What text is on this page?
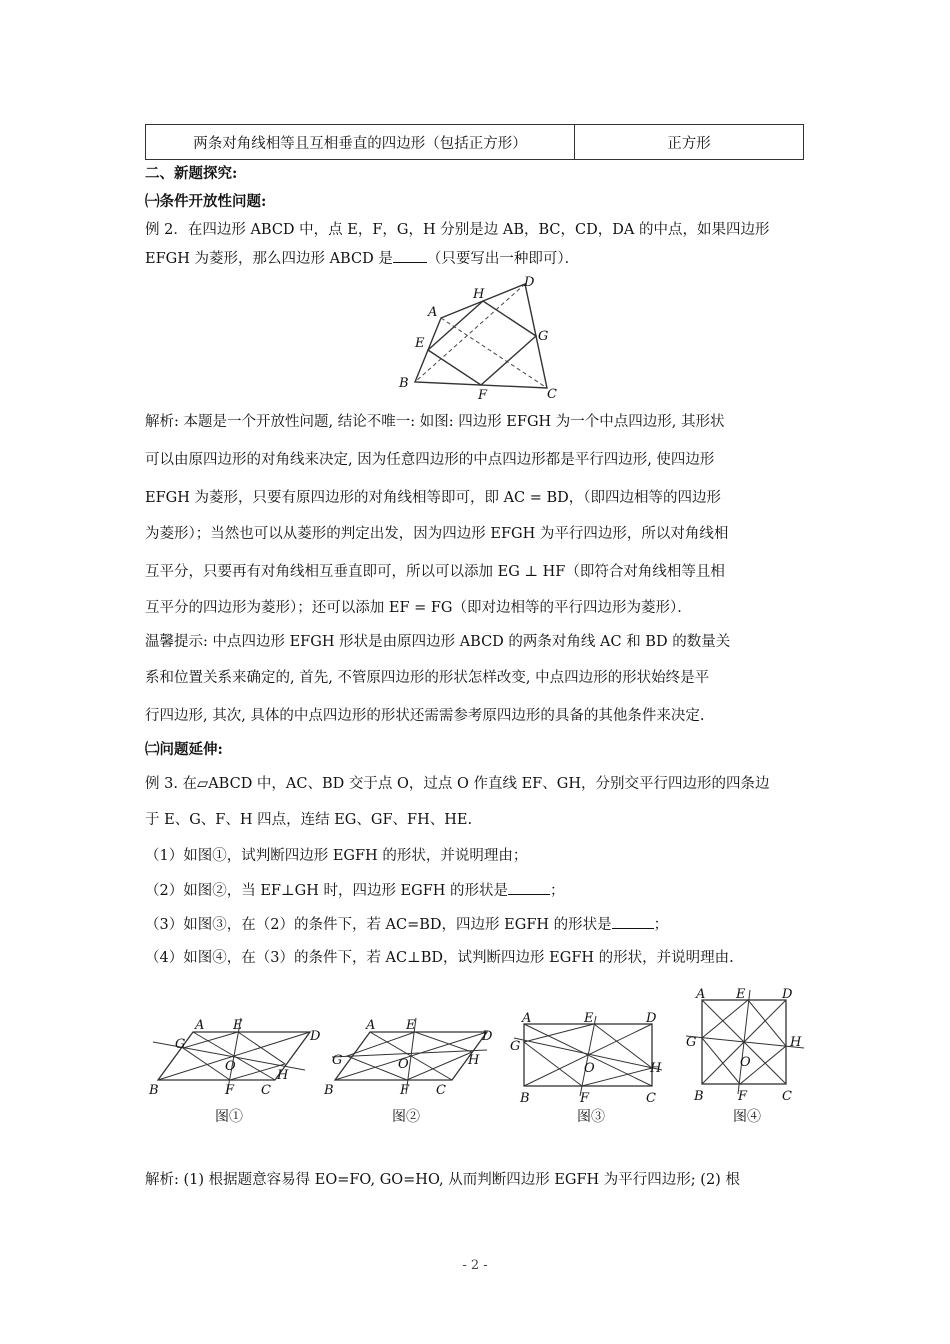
两条对角线相等且互相垂直的四边形（包括正方形）	正方形
二、新题探究:
㈠条件开放性问题:
例 2．在四边形 ABCD 中，点 E，F，G，H 分别是边 AB，BC，CD，DA 的中点，如果四边形
EFGH 为菱形，那么四边形 ABCD 是 （只要写出一种即可）．
A
D
H
E	G
B
F	C
解析: 本题是一个开放性问题, 结论不唯一: 如图: 四边形 EFGH 为一个中点四边形, 其形状
可以由原四边形的对角线来决定, 因为任意四边形的中点四边形都是平行四边形, 使四边形
EFGH 为菱形，只要有原四边形的对角线相等即可，即 AC = BD，（即四边相等的四边形
为菱形）；当然也可以从菱形的判定出发，因为四边形 EFGH 为平行四边形，所以对角线相
互平分，只要再有对角线相互垂直即可，所以可以添加 EG ⊥ HF（即符合对角线相等且相
互平分的四边形为菱形）；还可以添加 EF = FG（即对边相等的平行四边形为菱形）．
温馨提示: 中点四边形 EFGH 形状是由原四边形 ABCD 的两条对角线 AC 和 BD 的数量关
系和位置关系来确定的, 首先, 不管原四边形的形状怎样改变, 中点四边形的形状始终是平
行四边形, 其次, 具体的中点四边形的形状还需需参考原四边形的具备的其他条件来决定.
㈡问题延伸:
例 3. 在▱ABCD 中，AC、BD 交于点 O，过点 O 作直线 EF、GH，分别交平行四边形的四条边
于 E、G、F、H 四点，连结 EG、GF、FH、HE.
（1）如图①，试判断四边形 EGFH 的形状，并说明理由；
（2）如图②，当 EF⊥GH 时，四边形 EGFH 的形状是	；
（3）如图③，在（2）的条件下，若 AC=BD，四边形 EGFH 的形状是	；
（4）如图④，在（3）的条件下，若 AC⊥BD，试判断四边形 EGFH 的形状，并说明理由.
A E
D
G
O
H
B	F C
图①
A E
D
G	O	H
B	F C
图②
A	E	D
G
O	H
B	F	C
图③
A E	D
G
O
H
B	F	C
图④
解析: (1) 根据题意容易得 EO=FO, GO=HO, 从而判断四边形 EGFH 为平行四边形; (2) 根
- 2 -
